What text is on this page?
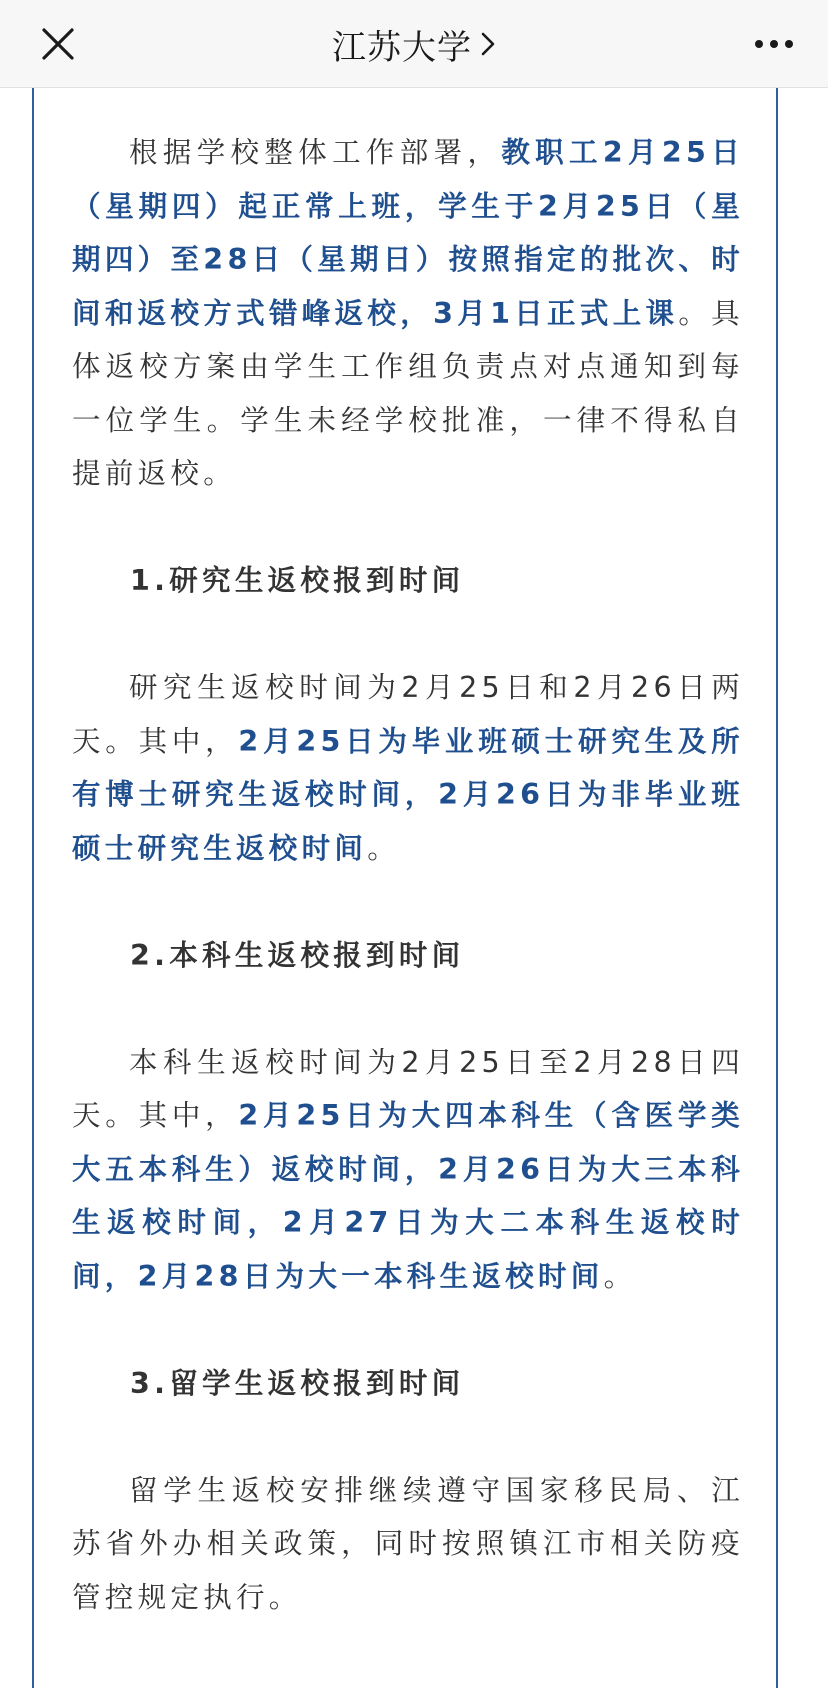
江苏大学

根据学校整体工作部署，教职工2月25日（星期四）起正常上班，学生于2月25日（星期四）至28日（星期日）按照指定的批次、时间和返校方式错峰返校，3月1日正式上课。具体返校方案由学生工作组负责点对点通知到每一位学生。学生未经学校批准，一律不得私自提前返校。

1.研究生返校报到时间

研究生返校时间为2月25日和2月26日两天。其中，2月25日为毕业班硕士研究生及所有博士研究生返校时间，2月26日为非毕业班硕士研究生返校时间。

2.本科生返校报到时间

本科生返校时间为2月25日至2月28日四天。其中，2月25日为大四本科生（含医学类大五本科生）返校时间，2月26日为大三本科生返校时间，2月27日为大二本科生返校时间，2月28日为大一本科生返校时间。

3.留学生返校报到时间

留学生返校安排继续遵守国家移民局、江苏省外办相关政策，同时按照镇江市相关防疫管控规定执行。
